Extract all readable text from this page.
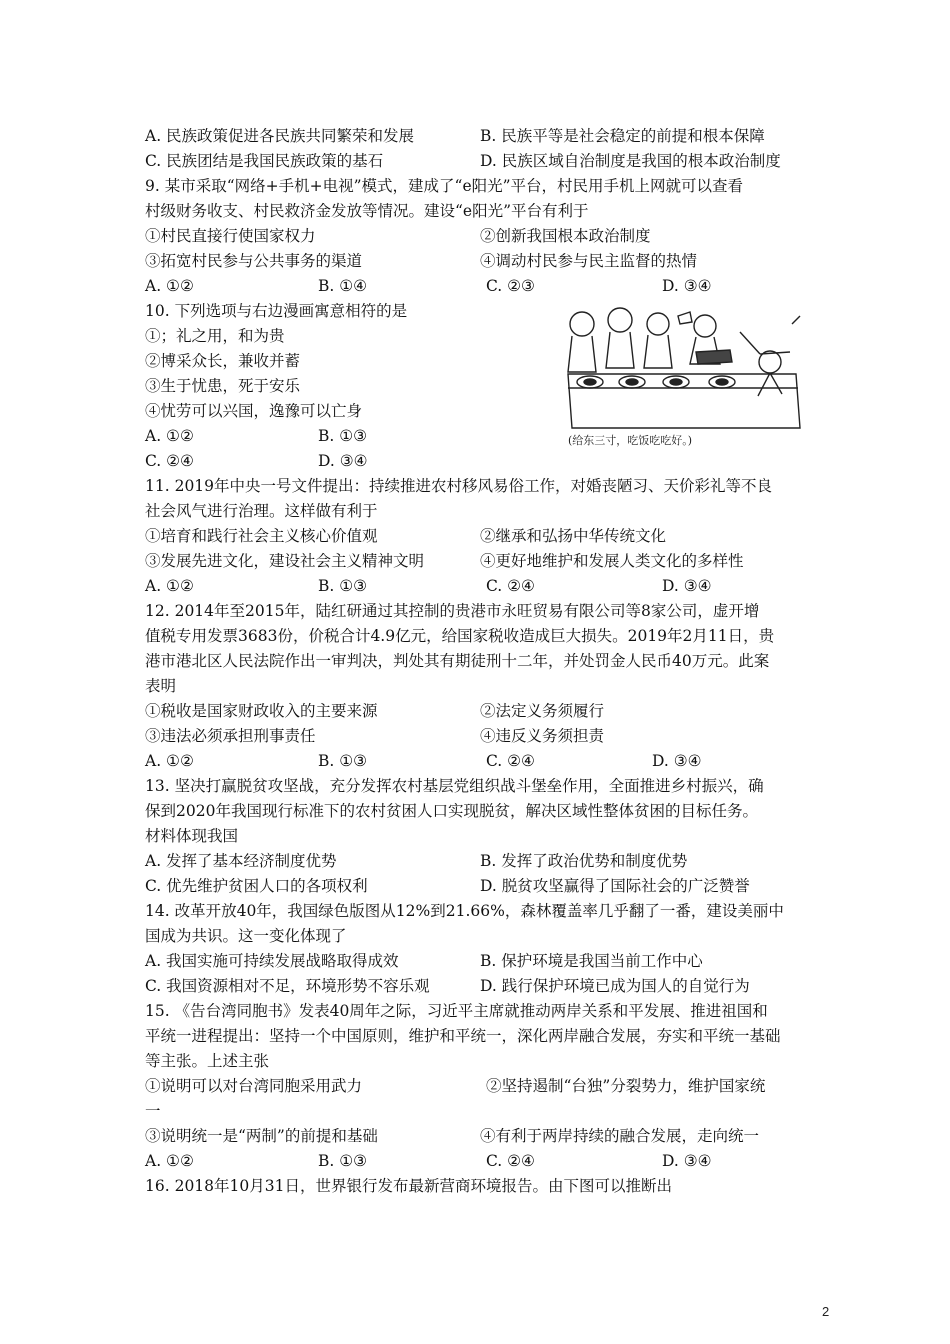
A. 民族政策促进各民族共同繁荣和发展	B. 民族平等是社会稳定的前提和根本保障
C. 民族团结是我国民族政策的基石	D. 民族区域自治制度是我国的根本政治制度
9. 某市采取“网络+手机+电视”模式，建成了“e阳光”平台，村民用手机上网就可以查看
村级财务收支、村民救济金发放等情况。建设“e阳光”平台有利于
①村民直接行使国家权力	②创新我国根本政治制度
③拓宽村民参与公共事务的渠道	④调动村民参与民主监督的热情
A. ①②	B. ①④	C. ②③	D. ③④
10. 下列选项与右边漫画寓意相符的是
①；礼之用，和为贵
②博采众长，兼收并蓄
③生于忧患，死于安乐
④忧劳可以兴国，逸豫可以亡身
A. ①②	B. ①③
C. ②④	D. ③④
(给东三寸，吃饭吃吃好。)
11. 2019年中央一号文件提出：持续推进农村移风易俗工作，对婚丧陋习、天价彩礼等不良
社会风气进行治理。这样做有利于
①培育和践行社会主义核心价值观	②继承和弘扬中华传统文化
③发展先进文化，建设社会主义精神文明	④更好地维护和发展人类文化的多样性
A. ①②	B. ①③	C. ②④	D. ③④
12. 2014年至2015年，陆红研通过其控制的贵港市永旺贸易有限公司等8家公司，虚开增
值税专用发票3683份，价税合计4.9亿元，给国家税收造成巨大损失。2019年2月11日，贵
港市港北区人民法院作出一审判决，判处其有期徒刑十二年，并处罚金人民币40万元。此案
表明
①税收是国家财政收入的主要来源	②法定义务须履行
③违法必须承担刑事责任	④违反义务须担责
A. ①②	B. ①③	C. ②④	D. ③④
13. 坚决打赢脱贫攻坚战，充分发挥农村基层党组织战斗堡垒作用，全面推进乡村振兴，确
保到2020年我国现行标准下的农村贫困人口实现脱贫，解决区域性整体贫困的目标任务。
材料体现我国
A. 发挥了基本经济制度优势	B. 发挥了政治优势和制度优势
C. 优先维护贫困人口的各项权利	D. 脱贫攻坚赢得了国际社会的广泛赞誉
14. 改革开放40年，我国绿色版图从12%到21.66%，森林覆盖率几乎翻了一番，建设美丽中
国成为共识。这一变化体现了
A. 我国实施可持续发展战略取得成效	B. 保护环境是我国当前工作中心
C. 我国资源相对不足，环境形势不容乐观	D. 践行保护环境已成为国人的自觉行为
15. 《告台湾同胞书》发表40周年之际，习近平主席就推动两岸关系和平发展、推进祖国和
平统一进程提出：坚持一个中国原则，维护和平统一，深化两岸融合发展，夯实和平统一基础
等主张。上述主张
①说明可以对台湾同胞采用武力	②坚持遏制“台独”分裂势力，维护国家统
一
③说明统一是“两制”的前提和基础	④有利于两岸持续的融合发展，走向统一
A. ①②	B. ①③	C. ②④	D. ③④
16. 2018年10月31日，世界银行发布最新营商环境报告。由下图可以推断出
2
